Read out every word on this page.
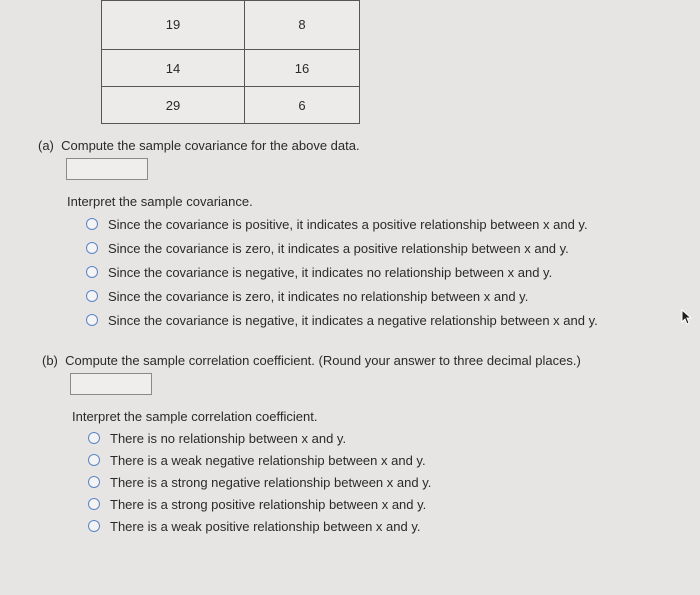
19	8
14	16
29	6
(a) Compute the sample covariance for the above data.
Interpret the sample covariance.
Since the covariance is positive, it indicates a positive relationship between x and y.
Since the covariance is zero, it indicates a positive relationship between x and y.
Since the covariance is negative, it indicates no relationship between x and y.
Since the covariance is zero, it indicates no relationship between x and y.
Since the covariance is negative, it indicates a negative relationship between x and y.
(b) Compute the sample correlation coefficient. (Round your answer to three decimal places.)
Interpret the sample correlation coefficient.
There is no relationship between x and y.
There is a weak negative relationship between x and y.
There is a strong negative relationship between x and y.
There is a strong positive relationship between x and y.
There is a weak positive relationship between x and y.
